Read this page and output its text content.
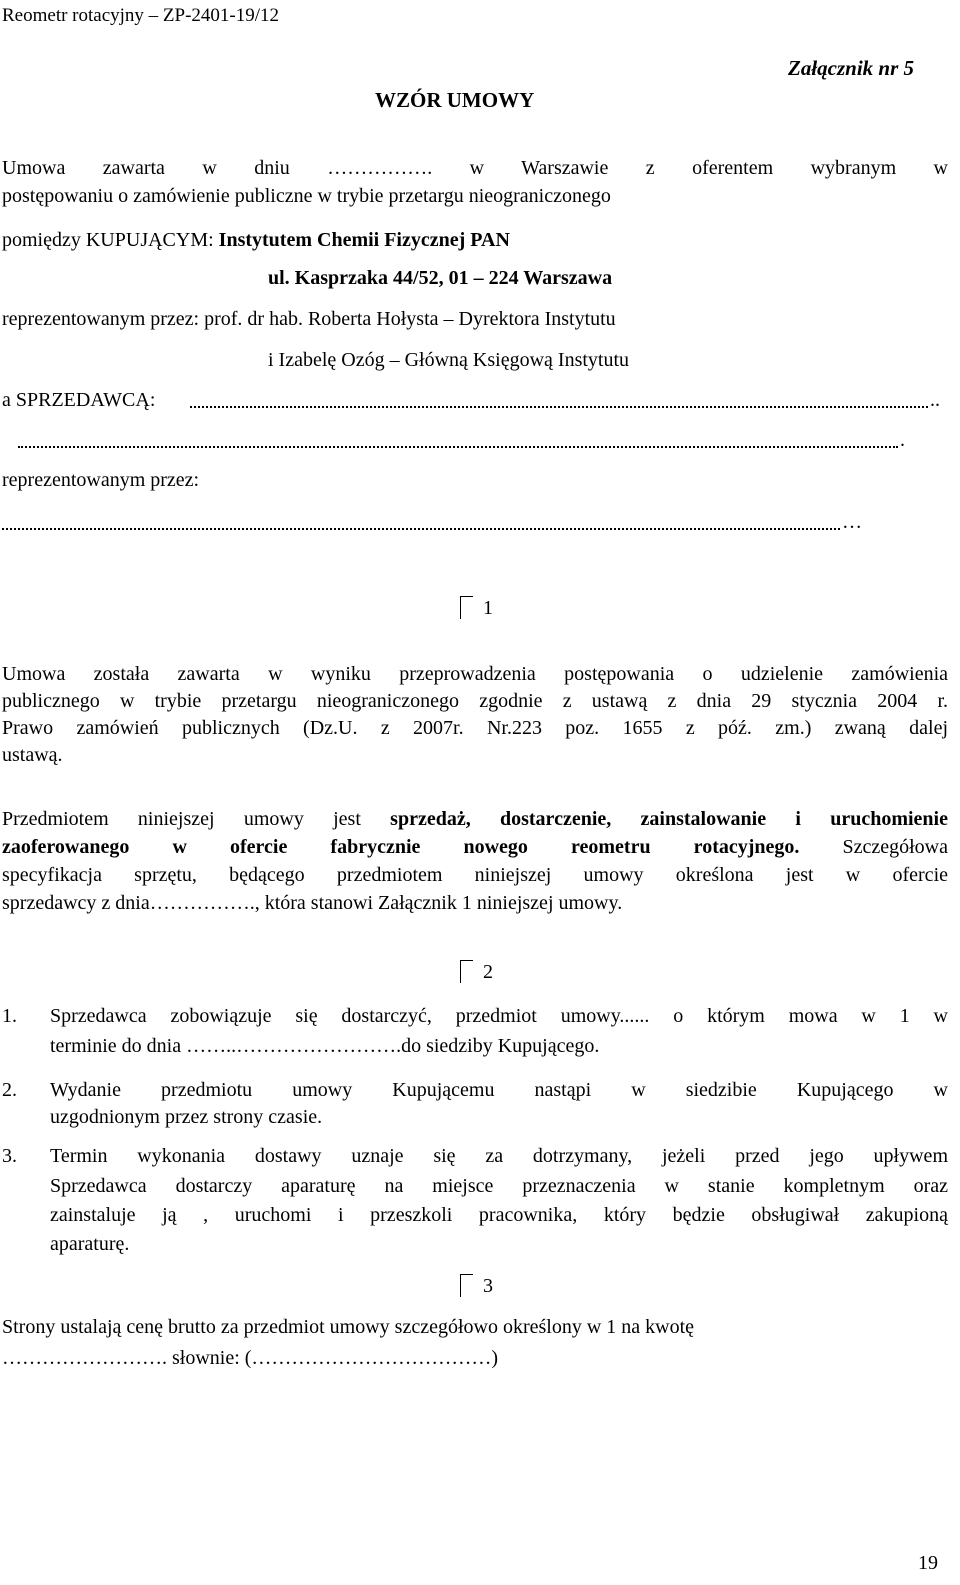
Reometr rotacyjny – ZP-2401-19/12
Załącznik nr 5
WZÓR UMOWY
Umowa zawarta w dniu ……………. w Warszawie z oferentem wybranym w
postępowaniu o zamówienie publiczne w trybie przetargu nieograniczonego
pomiędzy KUPUJĄCYM: Instytutem Chemii Fizycznej PAN
ul. Kasprzaka 44/52, 01 – 224 Warszawa
reprezentowanym przez: prof. dr hab. Roberta Hołysta – Dyrektora Instytutu
i Izabelę Ozóg – Główną Księgową Instytutu
a SPRZEDAWCĄ:	..
.
reprezentowanym przez:
…
1
Umowa została zawarta w wyniku przeprowadzenia postępowania o udzielenie zamówienia
publicznego w trybie przetargu nieograniczonego zgodnie z ustawą z dnia 29 stycznia 2004 r.
Prawo zamówień publicznych (Dz.U. z 2007r. Nr.223 poz. 1655 z póź. zm.) zwaną dalej
ustawą.
Przedmiotem niniejszej umowy jest sprzedaż, dostarczenie, zainstalowanie i uruchomienie
zaoferowanego w ofercie fabrycznie nowego reometru rotacyjnego. Szczegółowa
specyfikacja sprzętu, będącego przedmiotem niniejszej umowy określona jest w ofercie
sprzedawcy z dnia……………., która stanowi Załącznik 1 niniejszej umowy.
2
1. Sprzedawca zobowiązuje się dostarczyć, przedmiot umowy...... o którym mowa w 1 w
terminie do dnia ……..…………………….do siedziby Kupującego.
2. Wydanie przedmiotu umowy Kupującemu nastąpi w siedzibie Kupującego w
uzgodnionym przez strony czasie.
3. Termin wykonania dostawy uznaje się za dotrzymany, jeżeli przed jego upływem
Sprzedawca dostarczy aparaturę na miejsce przeznaczenia w stanie kompletnym oraz
zainstaluje ją , uruchomi i przeszkoli pracownika, który będzie obsługiwał zakupioną
aparaturę.
3
Strony ustalają cenę brutto za przedmiot umowy szczegółowo określony w 1 na kwotę
……………………. słownie: (………………………………)
19
